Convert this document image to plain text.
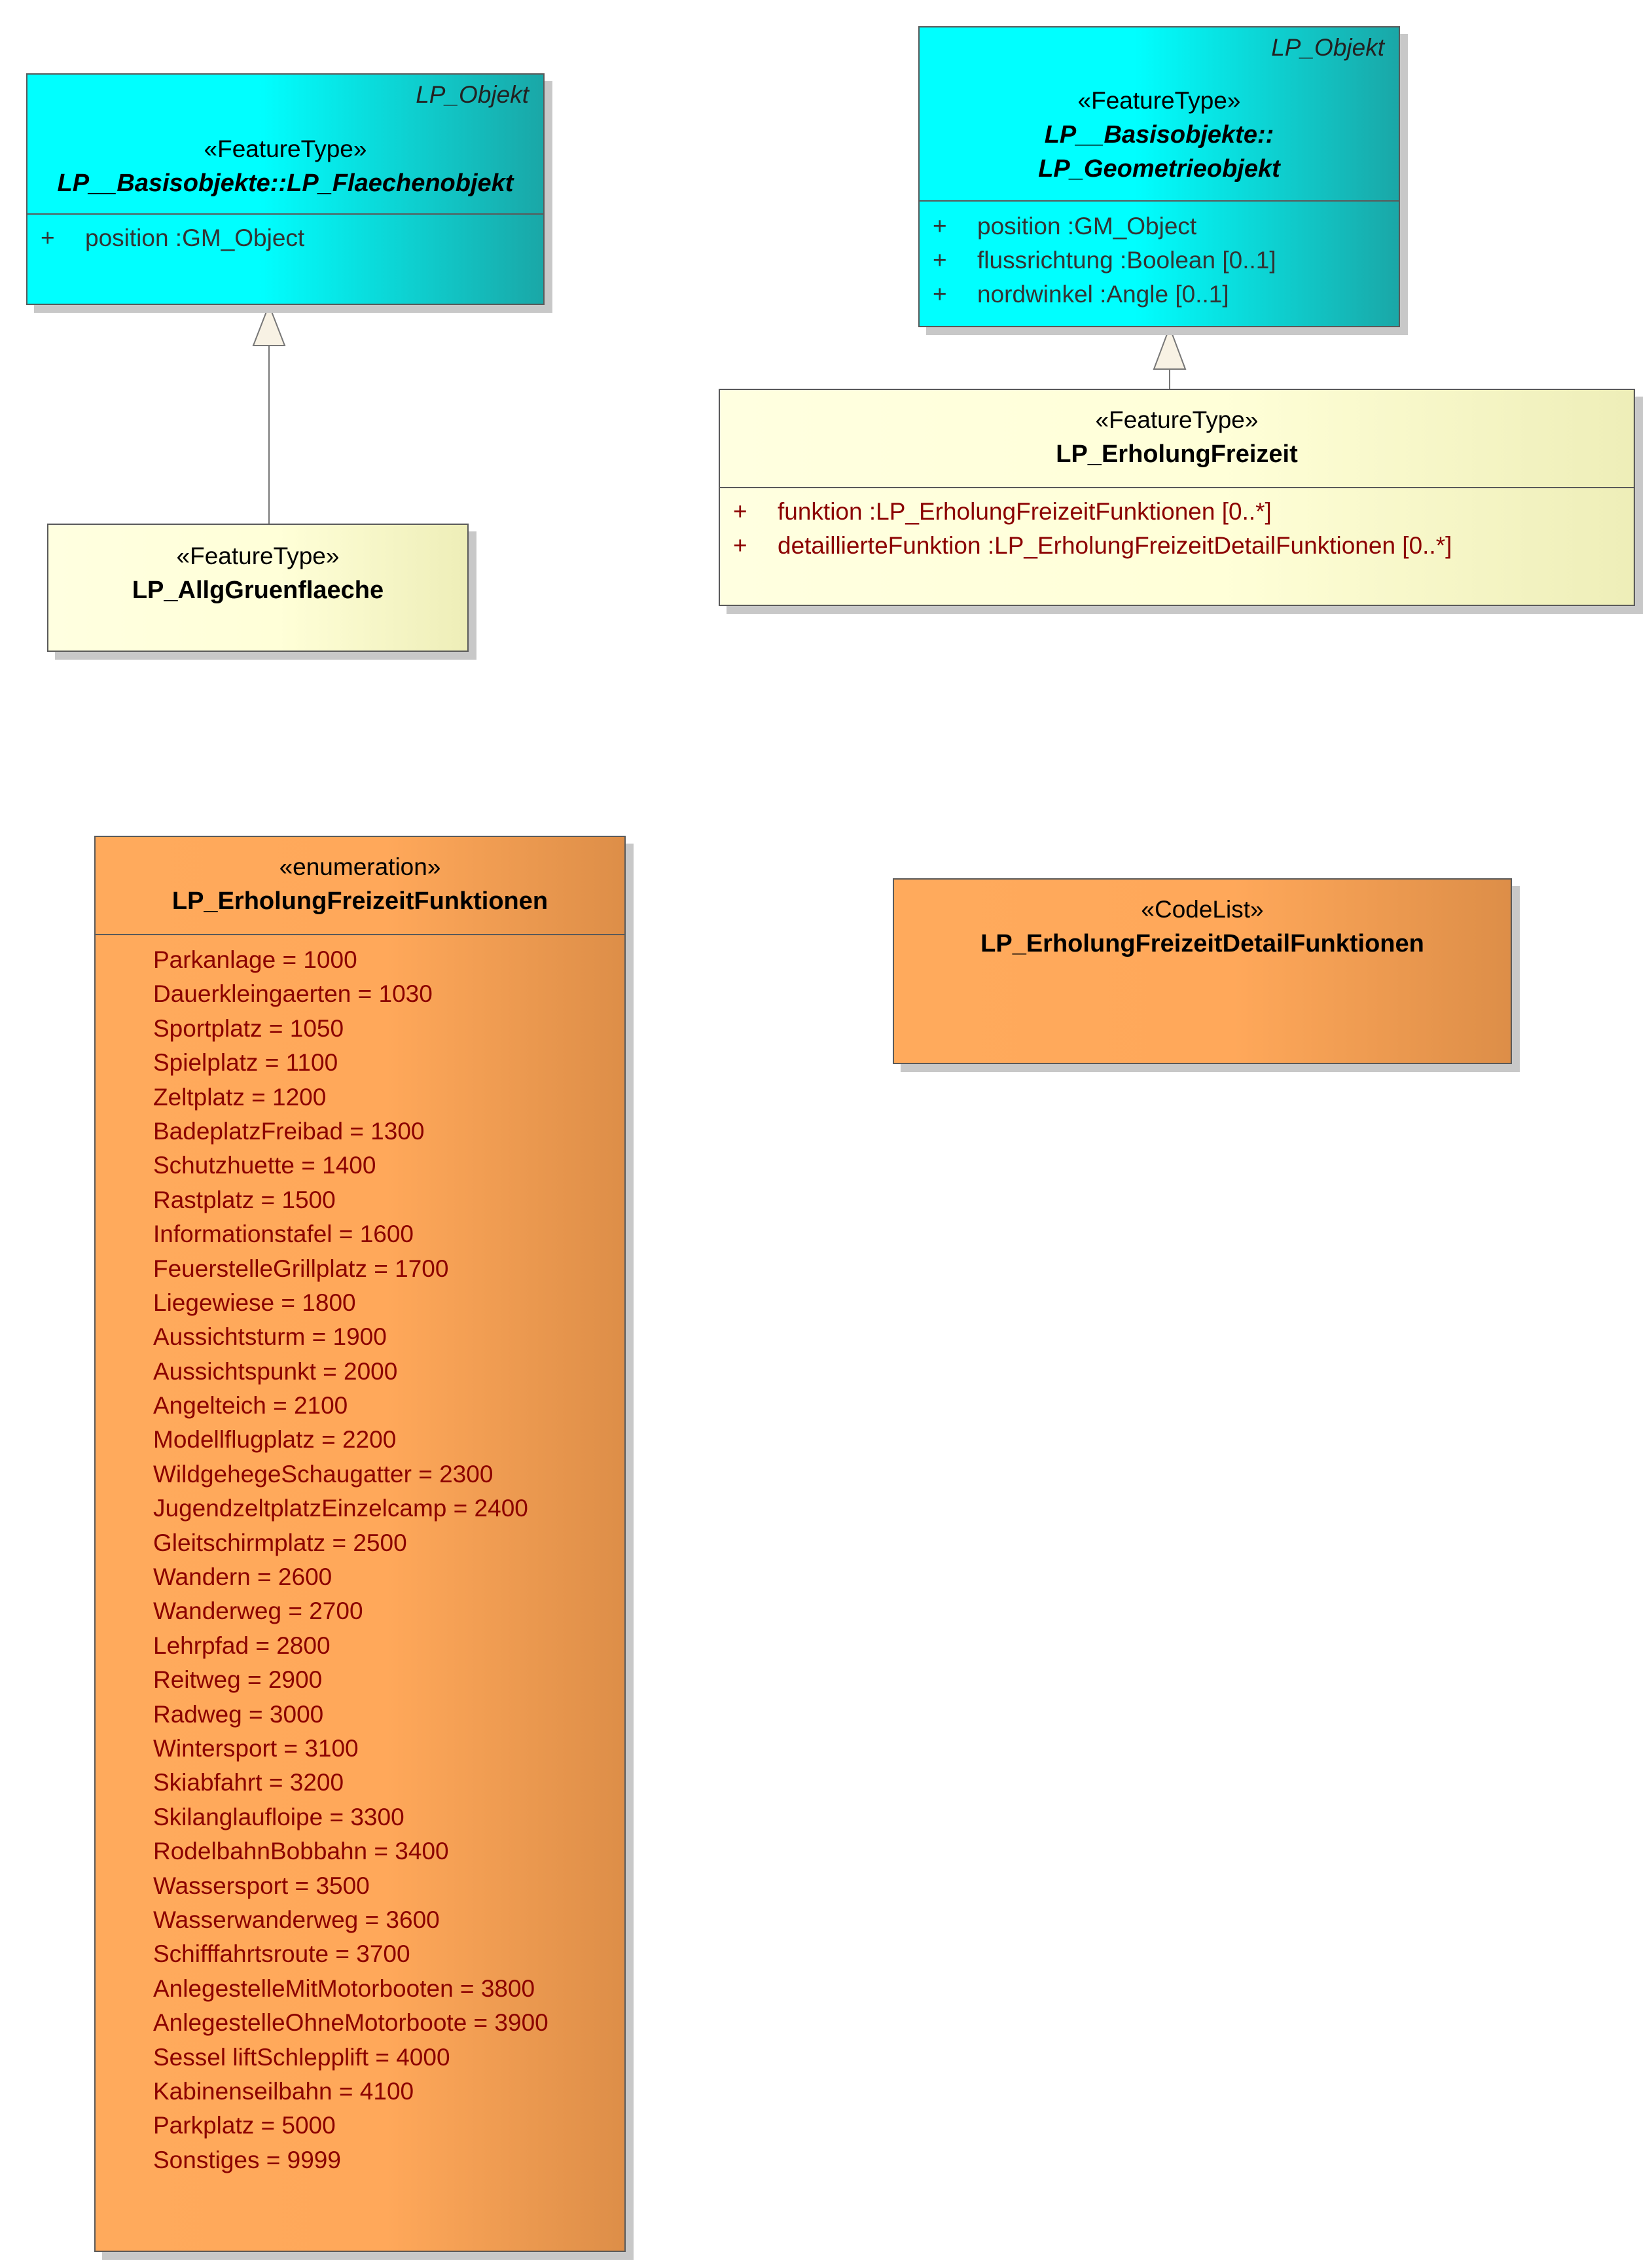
LP_Objekt
«FeatureType»
LP__Basisobjekte::LP_Flaechenobjekt
+ position :GM_Object
LP_Objekt
«FeatureType»
LP__Basisobjekte::
LP_Geometrieobjekt
+ position :GM_Object
+ flussrichtung :Boolean [0..1]
+ nordwinkel :Angle [0..1]
«FeatureType»
LP_AllgGruenflaeche
«FeatureType»
LP_ErholungFreizeit
+ funktion :LP_ErholungFreizeitFunktionen [0..*]
+ detaillierteFunktion :LP_ErholungFreizeitDetailFunktionen [0..*]
«enumeration»
LP_ErholungFreizeitFunktionen
Parkanlage = 1000
Dauerkleingaerten = 1030
Sportplatz = 1050
Spielplatz = 1100
Zeltplatz = 1200
BadeplatzFreibad = 1300
Schutzhuette = 1400
Rastplatz = 1500
Informationstafel = 1600
FeuerstelleGrillplatz = 1700
Liegewiese = 1800
Aussichtsturm = 1900
Aussichtspunkt = 2000
Angelteich = 2100
Modellflugplatz = 2200
WildgehegeSchaugatter = 2300
JugendzeltplatzEinzelcamp = 2400
Gleitschirmplatz = 2500
Wandern = 2600
Wanderweg = 2700
Lehrpfad = 2800
Reitweg = 2900
Radweg = 3000
Wintersport = 3100
Skiabfahrt = 3200
Skilanglaufloipe = 3300
RodelbahnBobbahn = 3400
Wassersport = 3500
Wasserwanderweg = 3600
Schifffahrtsroute = 3700
AnlegestelleMitMotorbooten = 3800
AnlegestelleOhneMotorboote = 3900
Sessel liftSchlepplift = 4000
Kabinenseilbahn = 4100
Parkplatz = 5000
Sonstiges = 9999
«CodeList»
LP_ErholungFreizeitDetailFunktionen
